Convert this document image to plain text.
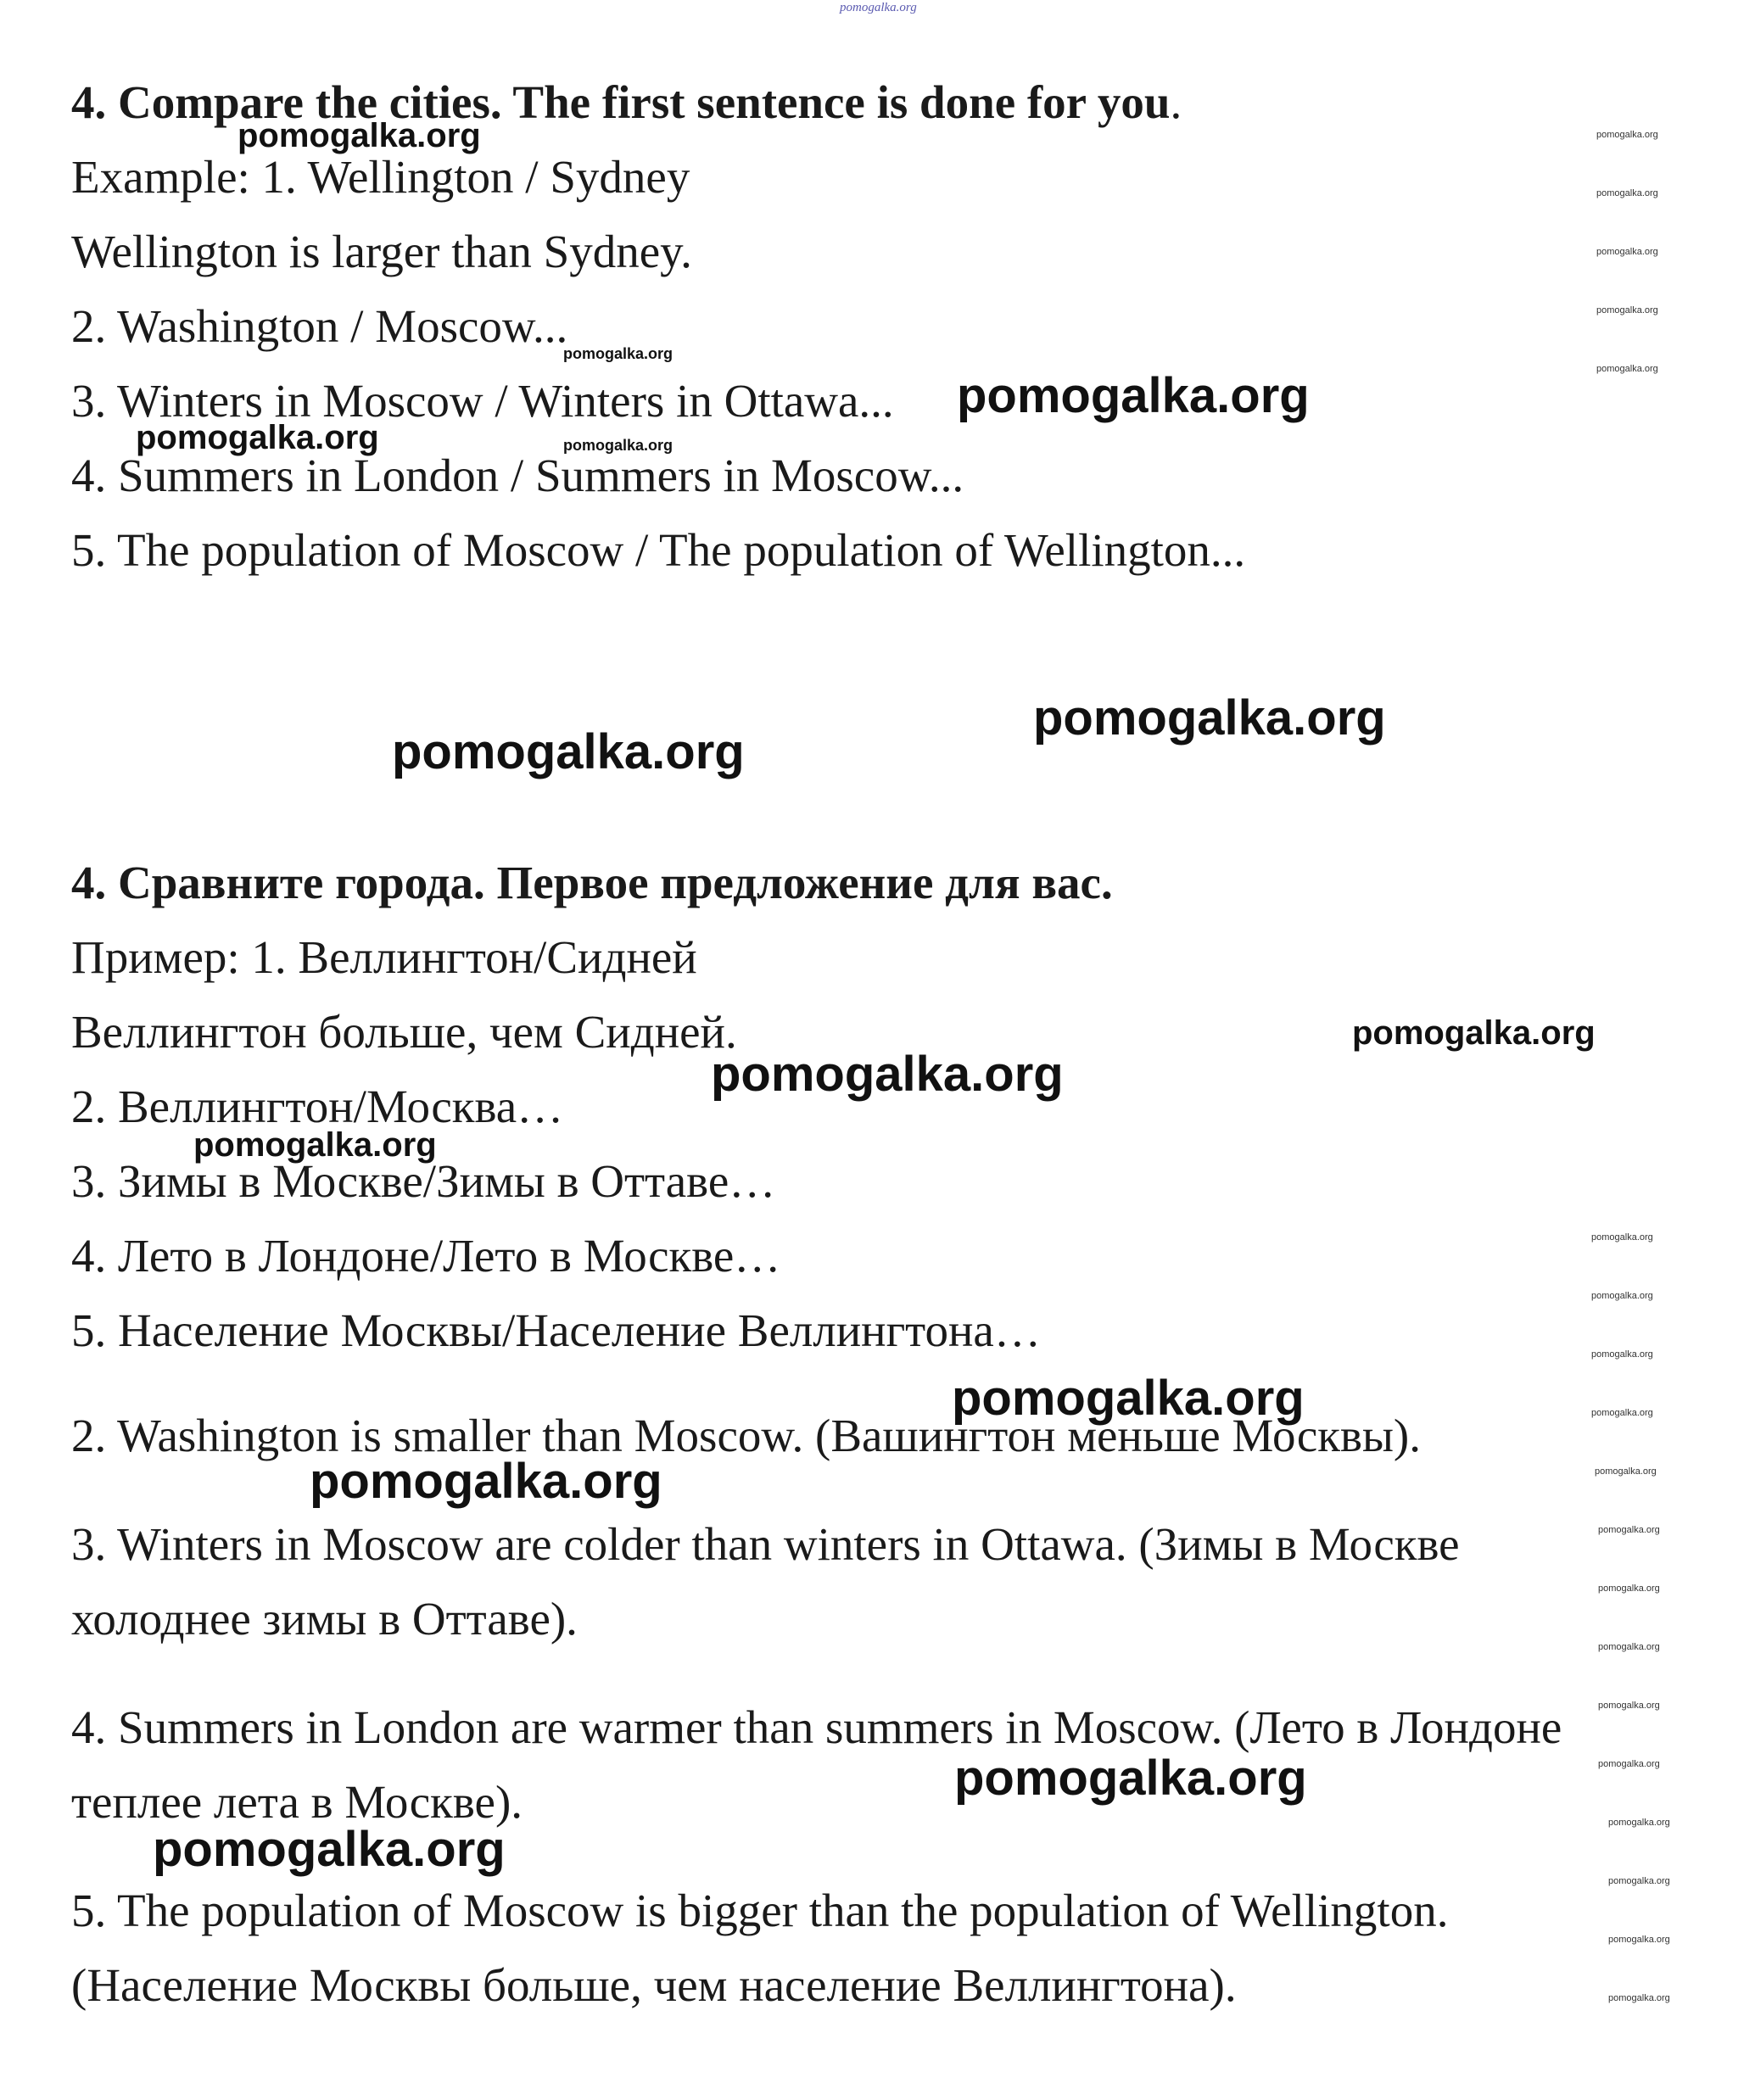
pomogalka.org

4. Compare the cities. The first sentence is done for you.

Example: 1. Wellington / Sydney

Wellington is larger than Sydney.

2. Washington / Moscow...

3. Winters in Moscow / Winters in Ottawa...

4. Summers in London / Summers in Moscow...

5. The population of Moscow / The population of Wellington...

4. Сравните города. Первое предложение для вас.

Пример: 1. Веллингтон/Сидней

Веллингтон больше, чем Сидней.

2. Веллингтон/Москва…

3. Зимы в Москве/Зимы в Оттаве…

4. Лето в Лондоне/Лето в Москве…

5. Население Москвы/Население Веллингтона…

2. Washington is smaller than Moscow. (Вашингтон меньше Москвы).

3. Winters in Moscow are colder than winters in Ottawa. (Зимы в Москве

холоднее зимы в Оттаве).

4. Summers in London are warmer than summers in Moscow. (Лето в Лондоне

теплее лета в Москве).

5. The population of Moscow is bigger than the population of Wellington.

(Население Москвы больше, чем население Веллингтона).

pomogalka.org
pomogalka.org
pomogalka.org
pomogalka.org
pomogalka.org
pomogalka.org
pomogalka.org
pomogalka.org
pomogalka.org
pomogalka.org
pomogalka.org
pomogalka.org
pomogalka.org
pomogalka.org
pomogalka.org
pomogalka.org
pomogalka.org
pomogalka.org
pomogalka.org
pomogalka.org
pomogalka.org
pomogalka.org
pomogalka.org
pomogalka.org
pomogalka.org
pomogalka.org
pomogalka.org
pomogalka.org
pomogalka.org
pomogalka.org
pomogalka.org
pomogalka.org
pomogalka.org
